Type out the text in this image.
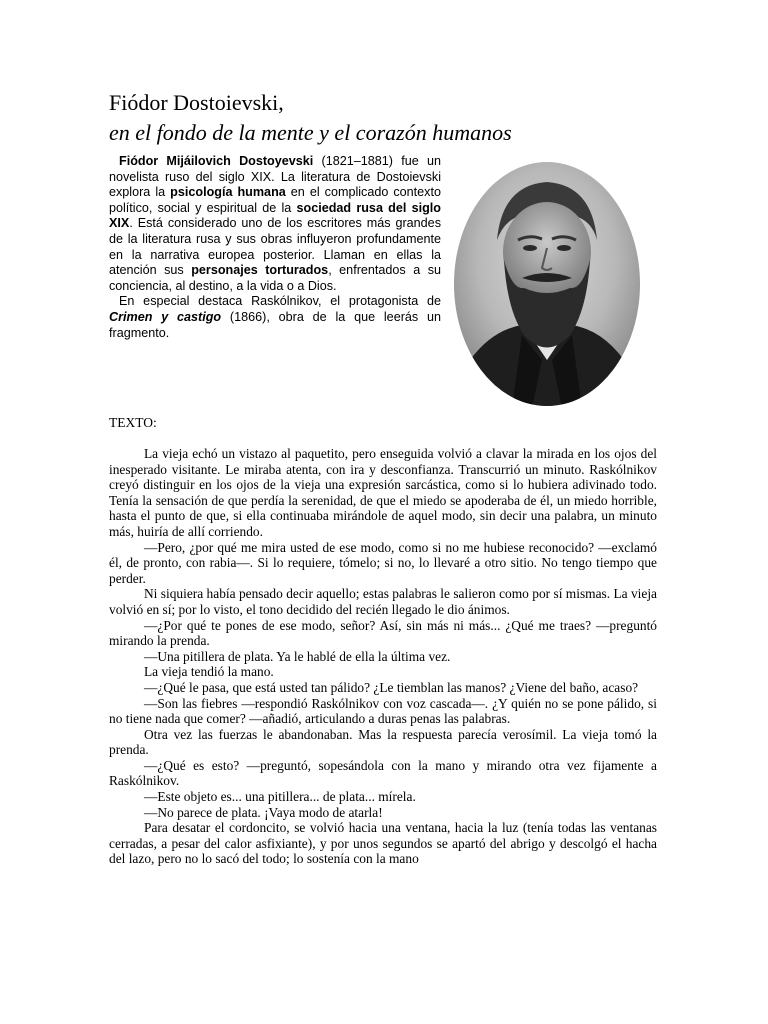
Fiódor Dostoievski,
en el fondo de la mente y el corazón humanos

Fiódor Mijáilovich Dostoyevski (1821–1881) fue un novelista ruso del siglo XIX. La literatura de Dostoievski explora la psicología humana en el complicado contexto político, social y espiritual de la sociedad rusa del siglo XIX. Está considerado uno de los escritores más grandes de la literatura rusa y sus obras influyeron profundamente en la narrativa europea posterior. Llaman en ellas la atención sus personajes torturados, enfrentados a su conciencia, al destino, a la vida o a Dios.

En especial destaca Raskólnikov, el protagonista de Crimen y castigo (1866), obra de la que leerás un fragmento.

TEXTO:

La vieja echó un vistazo al paquetito, pero enseguida volvió a clavar la mirada en los ojos del inesperado visitante. Le miraba atenta, con ira y desconfianza. Transcurrió un minuto. Raskólnikov creyó distinguir en los ojos de la vieja una expresión sarcástica, como si lo hubiera adivinado todo. Tenía la sensación de que perdía la serenidad, de que el miedo se apoderaba de él, un miedo horrible, hasta el punto de que, si ella continuaba mirándole de aquel modo, sin decir una palabra, un minuto más, huiría de allí corriendo.

—Pero, ¿por qué me mira usted de ese modo, como si no me hubiese reconocido? —exclamó él, de pronto, con rabia—. Si lo requiere, tómelo; si no, lo llevaré a otro sitio. No tengo tiempo que perder.

Ni siquiera había pensado decir aquello; estas palabras le salieron como por sí mismas. La vieja volvió en sí; por lo visto, el tono decidido del recién llegado le dio ánimos.

—¿Por qué te pones de ese modo, señor? Así, sin más ni más... ¿Qué me traes? —preguntó mirando la prenda.

—Una pitillera de plata. Ya le hablé de ella la última vez.

La vieja tendió la mano.

—¿Qué le pasa, que está usted tan pálido? ¿Le tiemblan las manos? ¿Viene del baño, acaso?

—Son las fiebres —respondió Raskólnikov con voz cascada—. ¿Y quién no se pone pálido, si no tiene nada que comer? —añadió, articulando a duras penas las palabras.

Otra vez las fuerzas le abandonaban. Mas la respuesta parecía verosímil. La vieja tomó la prenda.

—¿Qué es esto? —preguntó, sopesándola con la mano y mirando otra vez fijamente a Raskólnikov.

—Este objeto es... una pitillera... de plata... mírela.

—No parece de plata. ¡Vaya modo de atarla!

Para desatar el cordoncito, se volvió hacia una ventana, hacia la luz (tenía todas las ventanas cerradas, a pesar del calor asfixiante), y por unos segundos se apartó del abrigo y descolgó el hacha del lazo, pero no lo sacó del todo; lo sostenía con la mano
